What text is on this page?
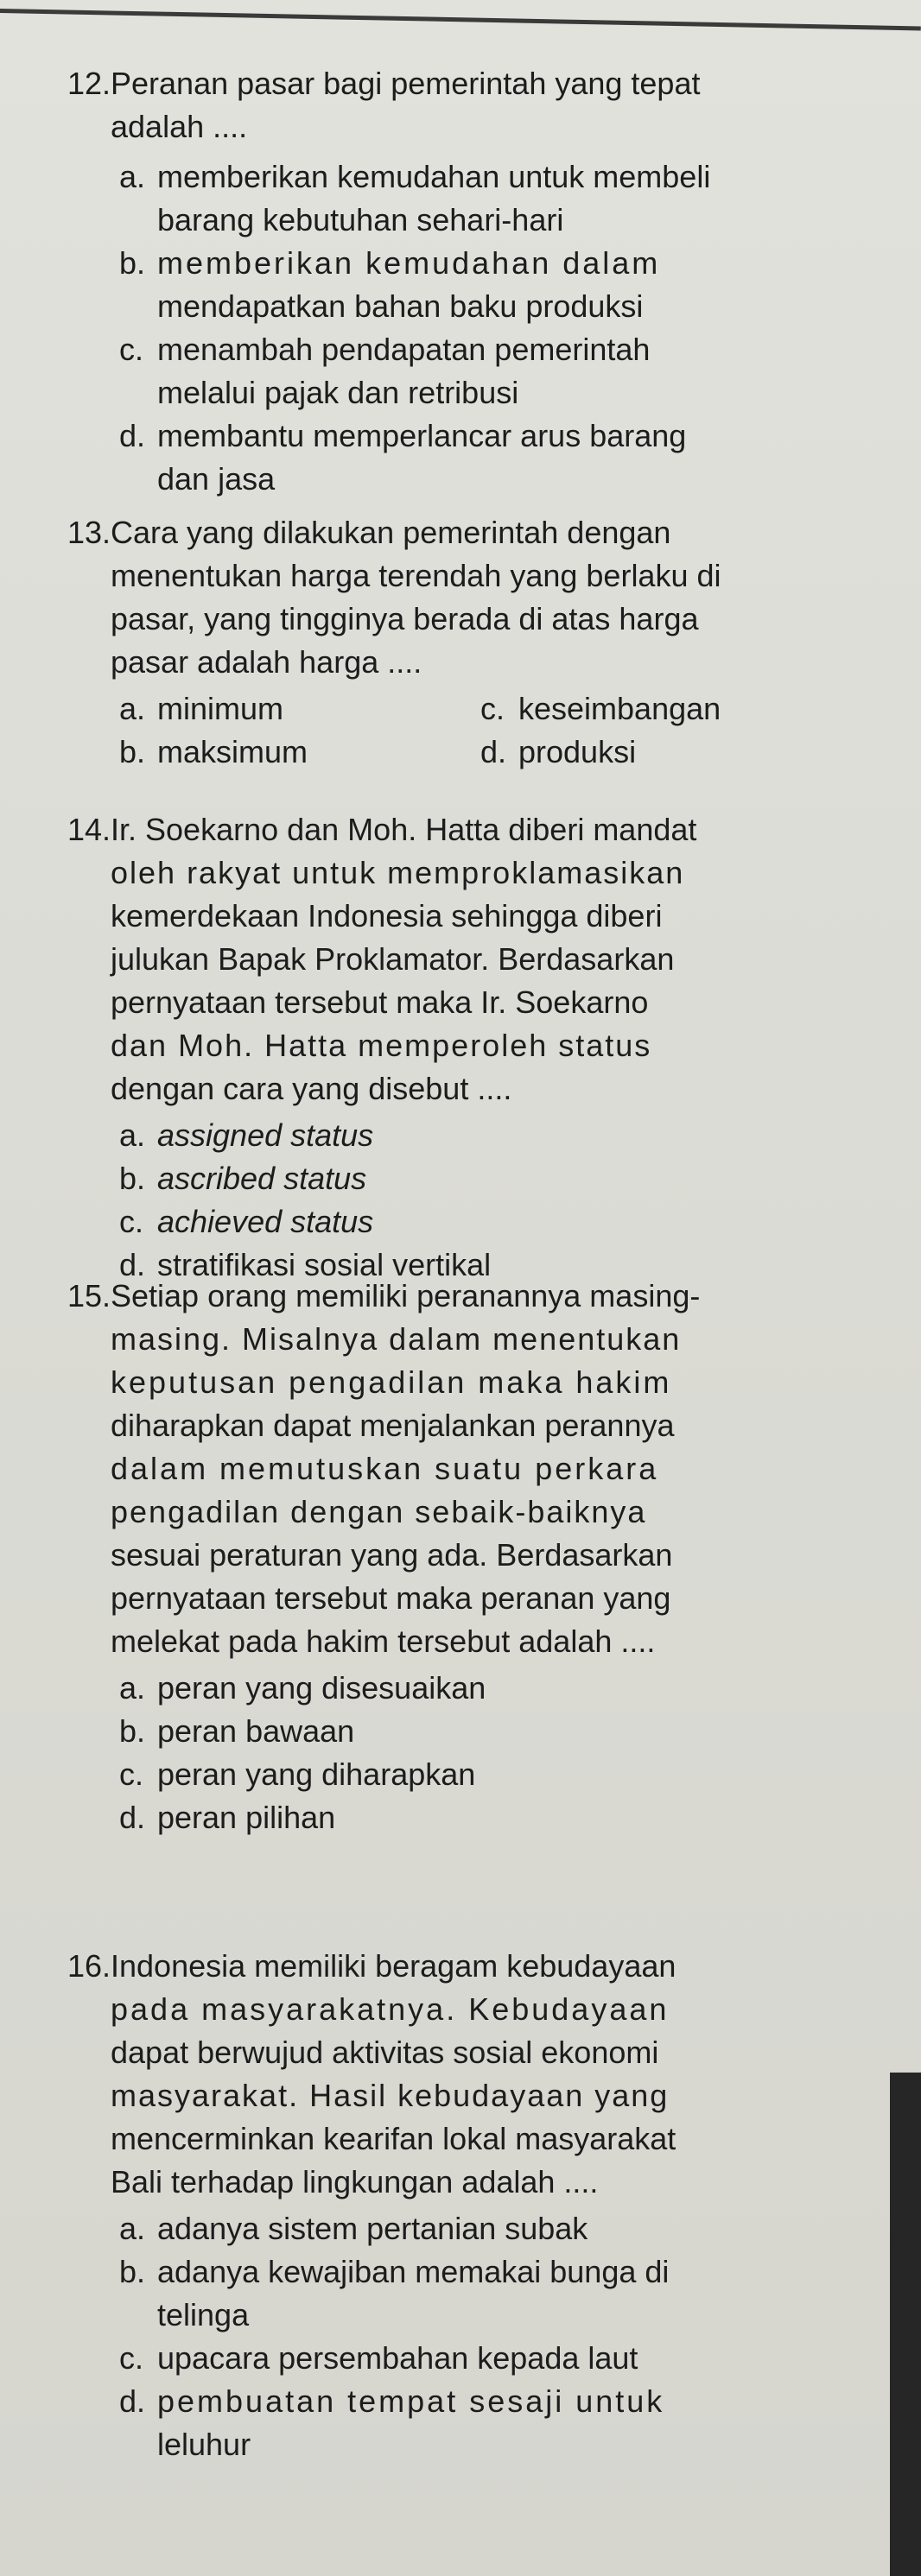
12. Peranan pasar bagi pemerintah yang tepat
adalah ....
a. memberikan kemudahan untuk membeli
barang kebutuhan sehari-hari
b. memberikan kemudahan dalam
mendapatkan bahan baku produksi
c. menambah pendapatan pemerintah
melalui pajak dan retribusi
d. membantu memperlancar arus barang
dan jasa
13. Cara yang dilakukan pemerintah dengan
menentukan harga terendah yang berlaku di
pasar, yang tingginya berada di atas harga
pasar adalah harga ....
a. minimum	c. keseimbangan
b. maksimum	d. produksi
14. Ir. Soekarno dan Moh. Hatta diberi mandat
oleh rakyat untuk memproklamasikan
kemerdekaan Indonesia sehingga diberi
julukan Bapak Proklamator. Berdasarkan
pernyataan tersebut maka Ir. Soekarno
dan Moh. Hatta memperoleh status
dengan cara yang disebut ....
a. assigned status
b. ascribed status
c. achieved status
d. stratifikasi sosial vertikal
15. Setiap orang memiliki peranannya masing-
masing. Misalnya dalam menentukan
keputusan pengadilan maka hakim
diharapkan dapat menjalankan perannya
dalam memutuskan suatu perkara
pengadilan dengan sebaik-baiknya
sesuai peraturan yang ada. Berdasarkan
pernyataan tersebut maka peranan yang
melekat pada hakim tersebut adalah ....
a. peran yang disesuaikan
b. peran bawaan
c. peran yang diharapkan
d. peran pilihan
16. Indonesia memiliki beragam kebudayaan
pada masyarakatnya. Kebudayaan
dapat berwujud aktivitas sosial ekonomi
masyarakat. Hasil kebudayaan yang
mencerminkan kearifan lokal masyarakat
Bali terhadap lingkungan adalah ....
a. adanya sistem pertanian subak
b. adanya kewajiban memakai bunga di
telinga
c. upacara persembahan kepada laut
d. pembuatan tempat sesaji untuk
leluhur
